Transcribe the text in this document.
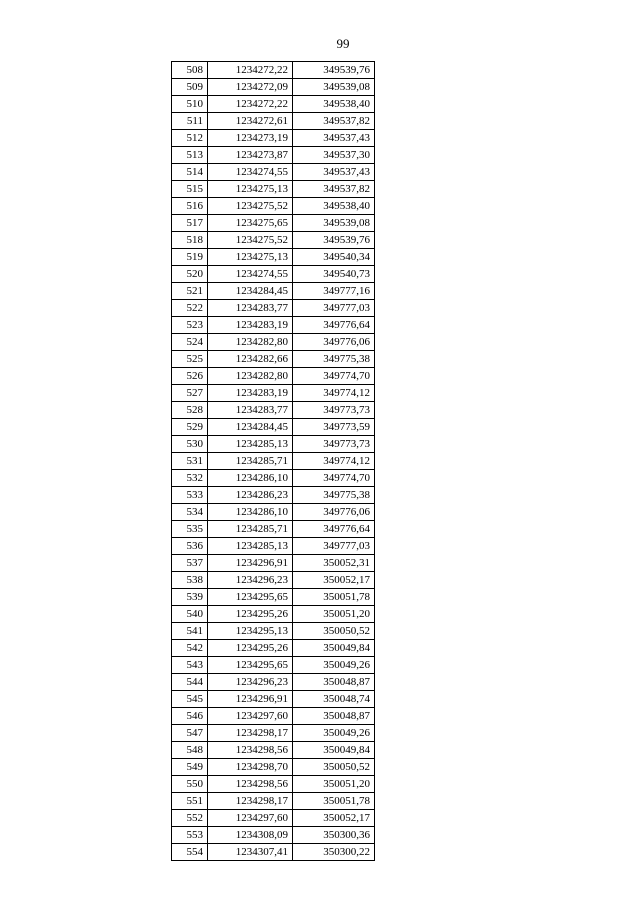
99
508	1234272,22	349539,76
509	1234272,09	349539,08
510	1234272,22	349538,40
511	1234272,61	349537,82
512	1234273,19	349537,43
513	1234273,87	349537,30
514	1234274,55	349537,43
515	1234275,13	349537,82
516	1234275,52	349538,40
517	1234275,65	349539,08
518	1234275,52	349539,76
519	1234275,13	349540,34
520	1234274,55	349540,73
521	1234284,45	349777,16
522	1234283,77	349777,03
523	1234283,19	349776,64
524	1234282,80	349776,06
525	1234282,66	349775,38
526	1234282,80	349774,70
527	1234283,19	349774,12
528	1234283,77	349773,73
529	1234284,45	349773,59
530	1234285,13	349773,73
531	1234285,71	349774,12
532	1234286,10	349774,70
533	1234286,23	349775,38
534	1234286,10	349776,06
535	1234285,71	349776,64
536	1234285,13	349777,03
537	1234296,91	350052,31
538	1234296,23	350052,17
539	1234295,65	350051,78
540	1234295,26	350051,20
541	1234295,13	350050,52
542	1234295,26	350049,84
543	1234295,65	350049,26
544	1234296,23	350048,87
545	1234296,91	350048,74
546	1234297,60	350048,87
547	1234298,17	350049,26
548	1234298,56	350049,84
549	1234298,70	350050,52
550	1234298,56	350051,20
551	1234298,17	350051,78
552	1234297,60	350052,17
553	1234308,09	350300,36
554	1234307,41	350300,22
